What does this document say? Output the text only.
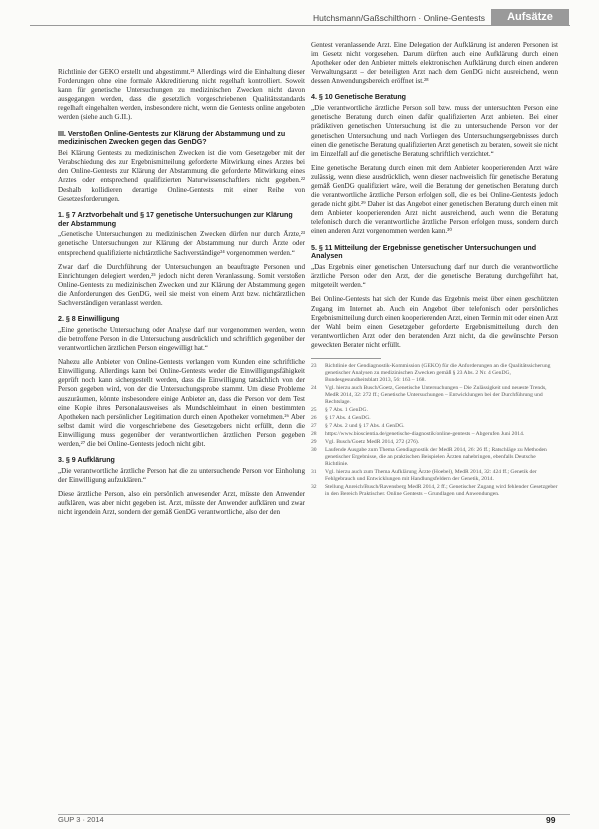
Aufsätze
Hutchsmann/Gaßschilthorn · Online-Gentests

Richtlinie der GEKO erstellt und abgestimmt.²¹ Allerdings wird die Einhaltung dieser Forderungen ohne eine formale Akkreditierung nicht regelhaft kontrolliert. Soweit kann für genetische Untersuchungen zu medizinischen Zwecken nicht davon ausgegangen werden, dass die gesetzlich vorgeschriebenen Qualitätsstandards regelhaft eingehalten werden, insbesondere nicht, wenn die Gentests online angeboten werden (siehe auch G.II.).

III. Verstoßen Online-Gentests zur Klärung der Abstammung und zu medizinischen Zwecken gegen das GenDG?

Bei Klärung Gentests zu medizinischen Zwecken ist die vom Gesetzgeber mit der Verabschiedung des zur Ergebnismitteilung geforderte Mitwirkung eines Arztes bei den Online-Gentests zur Klärung der Abstammung die geforderte Mitwirkung eines Arztes oder entsprechend qualifizierten Naturwissenschaftlers nicht gegeben.²² Deshalb kollidieren derartige Online-Gentests mit einer Reihe von Gesetzesforderungen.

1. § 7 Arztvorbehalt und § 17 genetische Untersuchungen zur Klärung der Abstammung

„Genetische Untersuchungen zu medizinischen Zwecken dürfen nur durch Ärzte,²³ genetische Untersuchungen zur Klärung der Abstammung nur durch Ärzte oder entsprechend qualifizierte nichtärztliche Sachverständige²⁴ vorgenommen werden.“

Zwar darf die Durchführung der Untersuchungen an beauftragte Personen und Einrichtungen delegiert werden,²⁵ jedoch nicht deren Veranlassung. Somit verstoßen Online-Gentests zu medizinischen Zwecken und zur Klärung der Abstammung gegen die Anforderungen des GenDG, weil sie meist von einem Arzt bzw. nichtärztlichen Sachverständigen veranlasst werden.

2. § 8 Einwilligung

„Eine genetische Untersuchung oder Analyse darf nur vorgenommen werden, wenn die betroffene Person in die Untersuchung ausdrücklich und schriftlich gegenüber der verantwortlichen ärztlichen Person eingewilligt hat.“

Nahezu alle Anbieter von Online-Gentests verlangen vom Kunden eine schriftliche Einwilligung. Allerdings kann bei Online-Gentests weder die Einwilligungsfähigkeit geprüft noch kann sichergestellt werden, dass die Einwilligung tatsächlich von der Person gegeben wird, von der die Untersuchungsprobe stammt. Um diese Probleme auszuräumen, könnte insbesondere einige Anbieter an, dass die Person vor dem Test eine Kopie ihres Personalausweises als Mundschleimhaut in einen bestimmten Apotheken nach persönlicher Legitimation durch einen Apotheker vornehmen.²⁶ Aber selbst damit wird die vorgeschriebene des Gesetzgebers nicht erfüllt, denn die Einwilligung muss gegenüber der verantwortlichen ärztlichen Person gegeben werden,²⁷ die bei Online-Gentests jedoch nicht gibt.

3. § 9 Aufklärung

„Die verantwortliche ärztliche Person hat die zu untersuchende Person vor Einholung der Einwilligung aufzuklären.“

Diese ärztliche Person, also ein persönlich anwesender Arzt, müsste den Anwender aufklären, was aber nicht gegeben ist. Arzt, müsste der Anwender aufklären und zwar nicht irgendein Arzt, sondern der gemäß GenDG verantwortliche, also der den

Gentest veranlassende Arzt. Eine Delegation der Aufklärung ist anderen Personen ist im Gesetz nicht vorgesehen. Darum dürften auch eine Aufklärung durch einen Apotheker oder den Anbieter mittels elektronischen Aufklärung durch einen anderen Verwaltungsarzt – der beteiligten Arzt nach dem GenDG nicht ausreichend, wenn dessen Anwendungsbereich eröffnet ist.²⁸

4. § 10 Genetische Beratung

„Die verantwortliche ärztliche Person soll bzw. muss der untersuchten Person eine genetische Beratung durch einen dafür qualifizierten Arzt anbieten. Bei einer prädiktiven genetischen Untersuchung ist die zu untersuchende Person vor der genetischen Untersuchung und nach Vorliegen des Untersuchungsergebnisses durch einen die genetische Beratung qualifizierten Arzt genetisch zu beraten, soweit sie nicht im Einzelfall auf die genetische Beratung schriftlich verzichtet.“

Eine genetische Beratung durch einen mit dem Anbieter kooperierenden Arzt wäre zulässig, wenn diese ausdrücklich, wenn dieser nachweislich für genetische Beratung gemäß GenDG qualifiziert wäre, weil die Beratung der genetischen Beratung durch die verantwortliche ärztliche Person erfolgen soll, die es bei Online-Gentests jedoch gerade nicht gibt.²⁹ Daher ist das Angebot einer genetischen Beratung durch einen mit dem Anbieter kooperierenden Arzt nicht ausreichend, auch wenn die Beratung telefonisch durch die verantwortliche ärztliche Person erfolgen muss, sondern durch einen anderen Arzt vorgenommen werden kann.³⁰

5. § 11 Mitteilung der Ergebnisse genetischer Untersuchungen und Analysen

„Das Ergebnis einer genetischen Untersuchung darf nur durch die verantwortliche ärztliche Person oder den Arzt, der die genetische Beratung durchgeführt hat, mitgeteilt werden.“

Bei Online-Gentests hat sich der Kunde das Ergebnis meist über einen geschützten Zugang im Internet ab. Auch ein Angebot über telefonisch oder persönliches Ergebnismitteilung durch einen kooperierenden Arzt, einen Termin mit oder einen Arzt der Wahl beim einen Gesetzgeber geforderte Ergebnismitteilung durch den verantwortlichen Arzt oder den beratenden Arzt nicht, da die gewünschte Person geweckten Berater nicht erfüllt.

23	Richtlinie der Gendiagnostik-Kommission (GEKO) für die Anforderungen an die Qualitätssicherung genetischer Analysen zu medizinischen Zwecken gemäß § 23 Abs. 2 Nr. 4 GenDG, Bundesgesundheitsblatt 2013, 56: 163 – 168.
24	Vgl. hierzu auch Busch/Goetz, Genetische Untersuchungen – Die Zulässigkeit und neueste Trends, MedR 2014, 32: 272 ff.; Genetische Untersuchungen – Entwicklungen bei der Durchführung und Rechtslage.
25	§ 7 Abs. 1 GenDG.
26	§ 17 Abs. 4 GenDG.
27	§ 7 Abs. 2 und § 17 Abs. 4 GenDG.
28	https://www.bioscientia.de/genetische-diagnostik/online-gentests – Abgerufen Juni 2014.
29	Vgl. Busch/Goetz MedR 2014, 272 (276).
30	Laufende Ausgabe zum Thema Gendiagnostik der MedR 2014, 26: 26 ff.; Ratschläge zu Methoden genetischer Ergebnisse, die an praktischen Beispielen Ärzten nahebringen, ebenfalls Deutsche Richtlinie.
31	Vgl. hierzu auch zum Thema Aufklärung Ärzte (Hoebel), MedR 2014, 32: 424 ff.; Genetik der Fehlgebrauch und Entwicklungen mit Handlungsfeldern der Genetik, 2014.
32	Stellung Anreich/Busch/Ravensberg MedR 2014, 2 ff.; Genetischer Zugang wird fehlender Gesetzgeber in den Bereich Praktischer. Online Gentests – Grundlagen und Anwendungen.
GUP 3 · 2014	99
